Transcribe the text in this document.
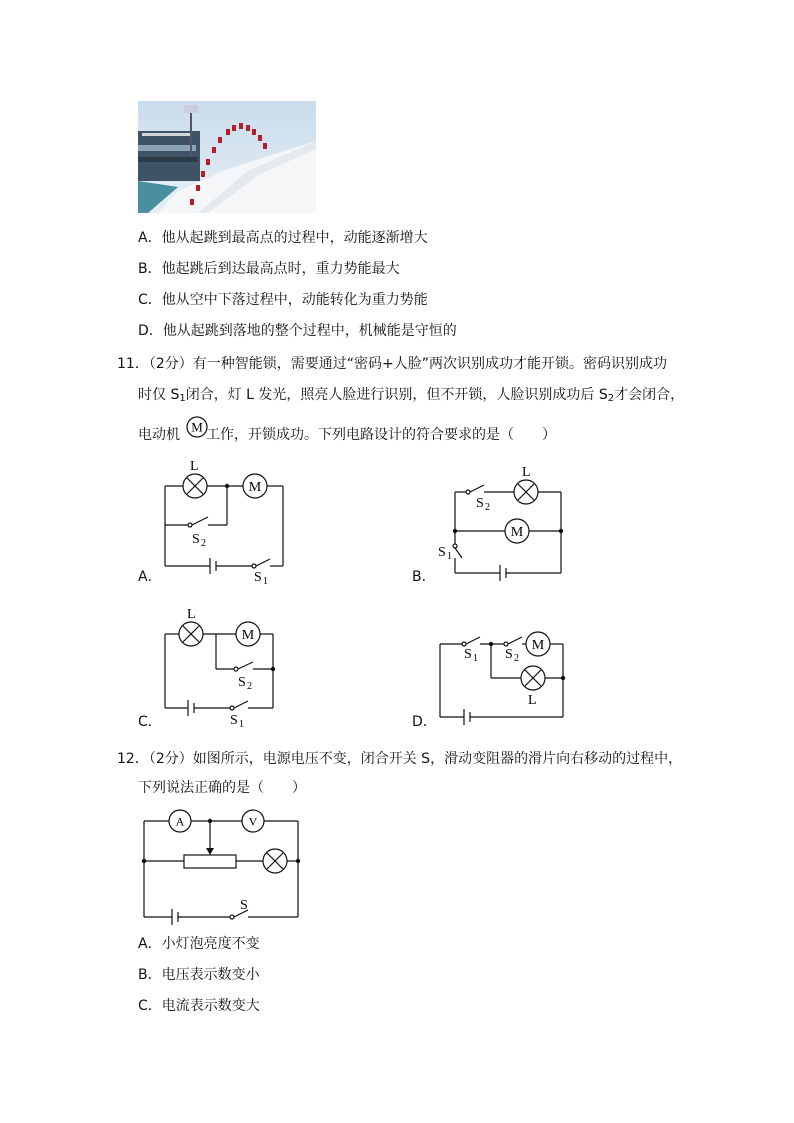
A．他从起跳到最高点的过程中，动能逐渐增大
B．他起跳后到达最高点时，重力势能最大
C．他从空中下落过程中，动能转化为重力势能
D．他从起跳到落地的整个过程中，机械能是守恒的
11．（2分）有一种智能锁，需要通过“密码+人脸”两次识别成功才能开锁。密码识别成功
时仅 $S_1$闭合，灯 L 发光，照亮人脸进行识别，但不开锁，人脸识别成功后 $S_2$才会闭合，
电动机 工作，开锁成功。下列电路设计的符合要求的是（　　）
M
L
M
S 2
S 1
A．
L
M
S 2
S 1
B．
L
M
S 2
S 1
C．
M
L
S 1 S 2
D．
12．（2分）如图所示，电源电压不变，闭合开关 S，滑动变阻器的滑片向右移动的过程中，
下列说法正确的是（　　）
A	V
S
A．小灯泡亮度不变
B．电压表示数变小
C．电流表示数变大
